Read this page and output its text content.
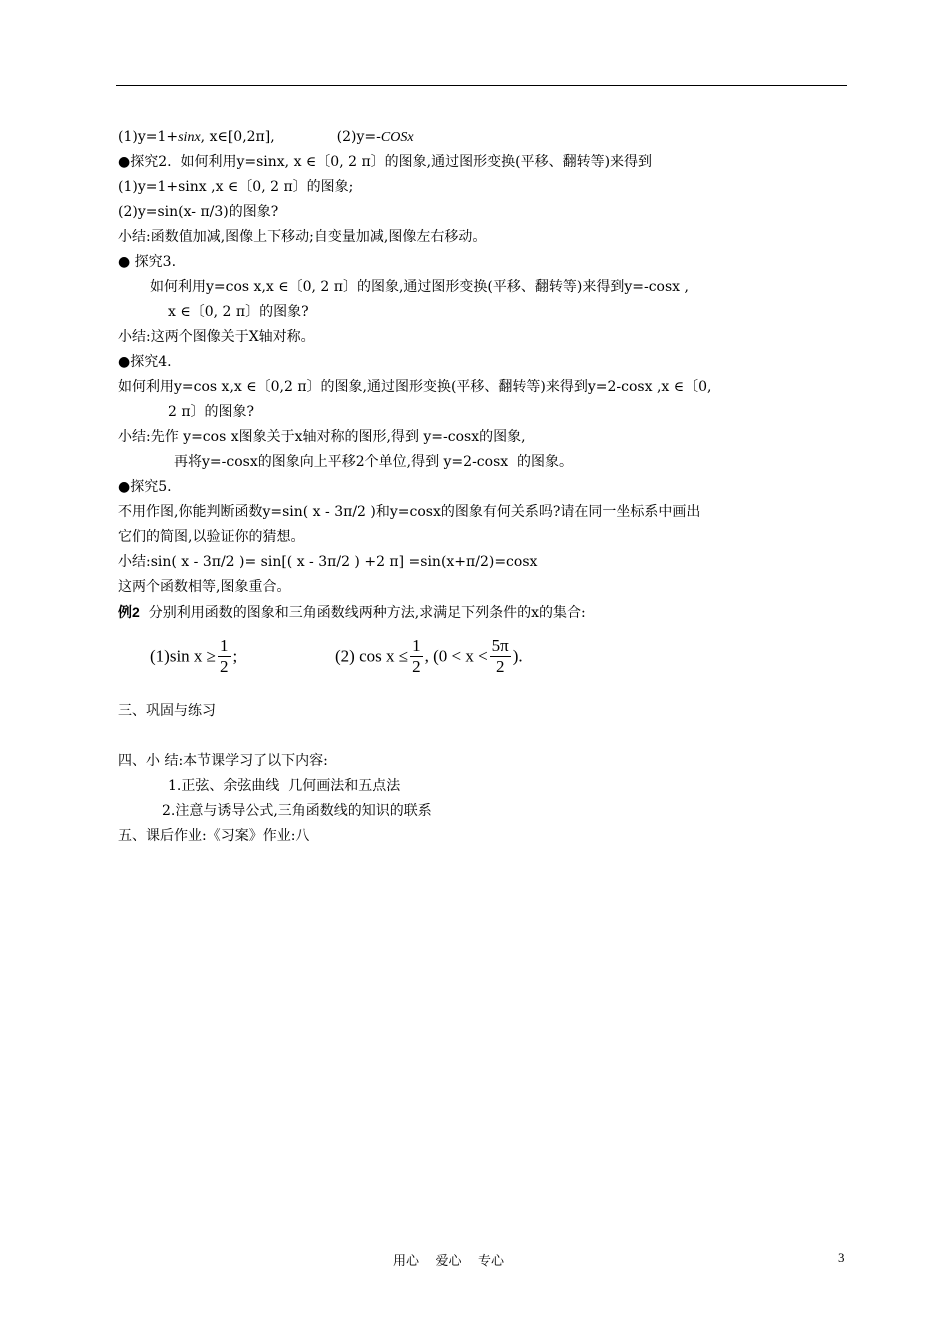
(1)y=1+sinx, x∈[0,2π],	(2)y=-COSx
●探究2.  如何利用y=sinx, x ∈〔0, 2 π〕的图象,通过图形变换(平移、翻转等)来得到
(1)y=1+sinx ,x ∈〔0, 2 π〕的图象;
(2)y=sin(x- π/3)的图象?
小结:函数值加减,图像上下移动;自变量加减,图像左右移动。
● 探究3.
如何利用y=cos x,x ∈〔0, 2 π〕的图象,通过图形变换(平移、翻转等)来得到y=-cosx ,
x ∈〔0, 2 π〕的图象?
小结:这两个图像关于X轴对称。
●探究4.
如何利用y=cos x,x ∈〔0,2 π〕的图象,通过图形变换(平移、翻转等)来得到y=2-cosx ,x ∈〔0,
2 π〕的图象?
小结:先作 y=cos x图象关于x轴对称的图形,得到 y=-cosx的图象,
再将y=-cosx的图象向上平移2个单位,得到 y=2-cosx  的图象。
●探究5.
不用作图,你能判断函数y=sin( x - 3π/2 )和y=cosx的图象有何关系吗?请在同一坐标系中画出
它们的简图,以验证你的猜想。
小结:sin( x - 3π/2 )= sin[( x - 3π/2 ) +2 π] =sin(x+π/2)=cosx
这两个函数相等,图象重合。
例2  分别利用函数的图象和三角函数线两种方法,求满足下列条件的x的集合:
(1)sin $x \ge \frac{1}{2}$ ;	(2) $\cos x \le \frac{1}{2}$ , ($0 < x < \frac{5\pi}{2}$ ).
三、巩固与练习
四、小 结:本节课学习了以下内容:
1.正弦、余弦曲线  几何画法和五点法
2.注意与诱导公式,三角函数线的知识的联系
五、课后作业:《习案》作业:八
用心    爱心    专心	3
